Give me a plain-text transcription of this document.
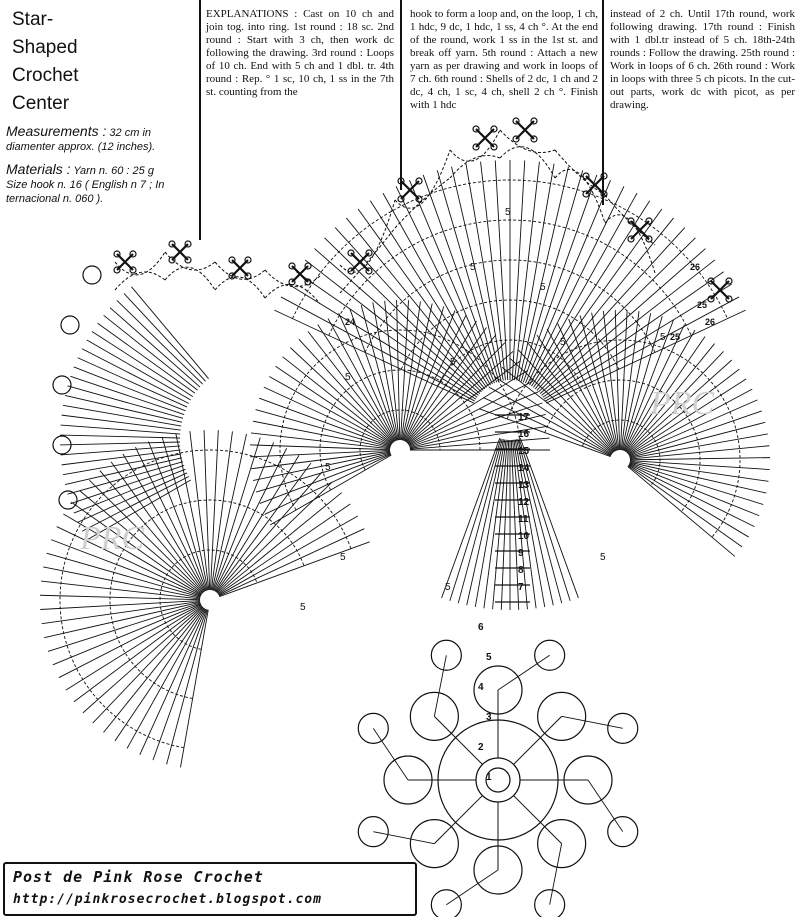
17
16
15
14
13
12
11
10
9
8
7
6
5
4
3
2
1
5
5
5
5
5
5
5
5
5
5
5
5
26
25
26
25
24
Star-
Shaped
Crochet
Center
Measurements : 32 cm in diamenter approx. (12 inches).
Materials : Yarn n. 60 : 25 g
Size hook n. 16 ( English n 7 ; In ternacional n. 060 ).
EXPLANATIONS : Cast on 10 ch and join tog. into ring. 1st round : 18 sc. 2nd round : Start with 3 ch, then work dc following the drawing. 3rd round : Loops of 10 ch. End with 5 ch and 1 dbl. tr. 4th round : Rep. ° 1 sc, 10 ch, 1 ss in the 7th st. counting from the
hook to form a loop and, on the loop, 1 ch, 1 hdc, 9 dc, 1 hdc, 1 ss, 4 ch °. At the end of the round, work 1 ss in the 1st st. and break off yarn. 5th round : Attach a new yarn as per drawing and work in loops of 7 ch. 6th round : Shells of 2 dc, 1 ch and 2 dc, 4 ch, 1 sc, 4 ch, shell 2 ch °. Finish with 1 hdc
instead of 2 ch. Until 17th round, work following drawing. 17th round : Finish with 1 dbl.tr instead of 5 ch. 18th-24th rounds : Follow the drawing. 25th round : Work in loops of 6 ch. 26th round : Work in loops with three 5 ch picots. In the cut-out parts, work dc with picot, as per drawing.
PRC
PRC
Post de Pink Rose Crochet
http://pinkrosecrochet.blogspot.com
